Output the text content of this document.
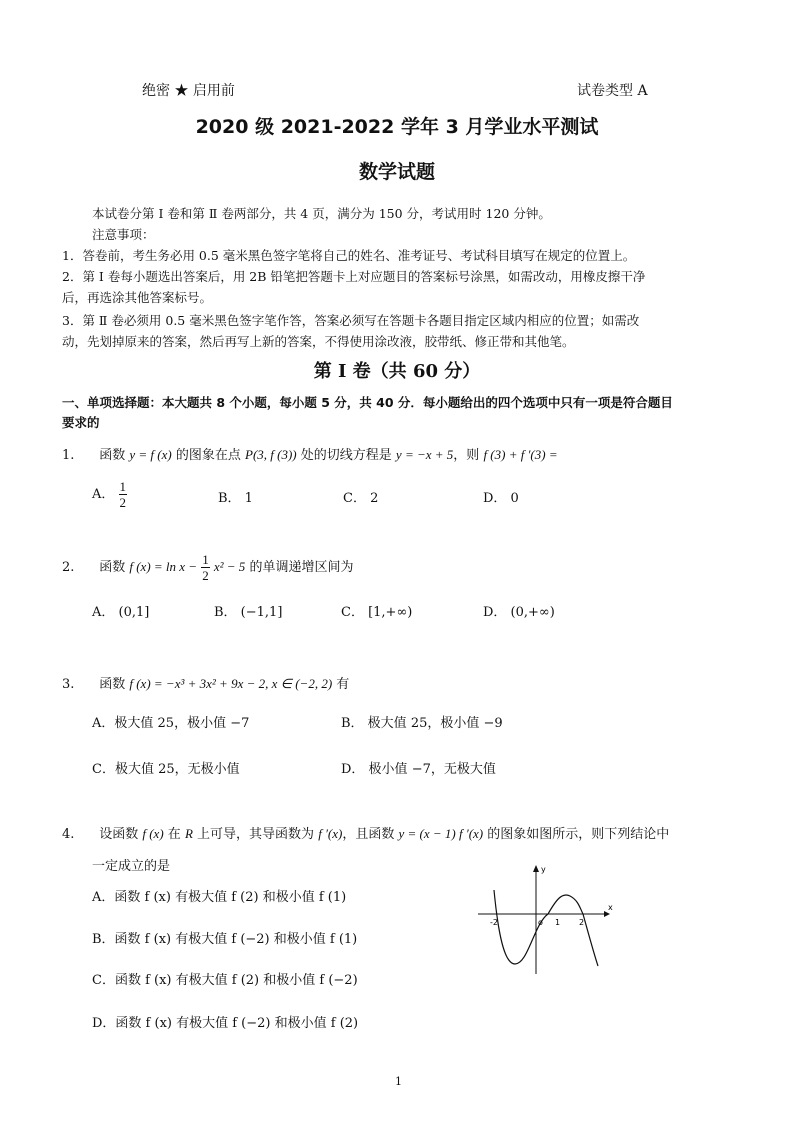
绝密 ★ 启用前	试卷类型 A
2020 级 2021-2022 学年 3 月学业水平测试
数学试题
本试卷分第 Ⅰ 卷和第 Ⅱ 卷两部分，共 4 页，满分为 150 分，考试用时 120 分钟。
注意事项：
1．答卷前，考生务必用 0.5 毫米黑色签字笔将自己的姓名、准考证号、考试科目填写在规定的位置上。
2．第 Ⅰ 卷每小题选出答案后，用 2B 铅笔把答题卡上对应题目的答案标号涂黑，如需改动，用橡皮擦干净
后，再选涂其他答案标号。
3．第 Ⅱ 卷必须用 0.5 毫米黑色签字笔作答，答案必须写在答题卡各题目指定区域内相应的位置；如需改
动，先划掉原来的答案，然后再写上新的答案，不得使用涂改液，胶带纸、修正带和其他笔。
第 Ⅰ 卷（共 60 分）
一、单项选择题：本大题共 8 个小题，每小题 5 分，共 40 分．每小题给出的四个选项中只有一项是符合题目
要求的
1. 函数 y = f (x) 的图象在点 P(3, f (3)) 处的切线方程是 y = −x + 5，则 f (3) + f ′(3) =
A． $\frac{1}{2}$	B． 1	C． 2	D． 0
2. 函数 f $(x) = \ln x - \frac{1}{2} x^2 - 5$ 的单调递增区间为
A． (0,1]	B． (−1,1]	C． [1,+∞)	D． (0,+∞)
3. 函数 f (x) = −x³ + 3x² + 9x − 2, x ∈ (−2, 2) 有
A．极大值 25，极小值 −7	B． 极大值 25，极小值 −9
C．极大值 25，无极小值	D． 极小值 −7，无极大值
4. 设函数 f (x) 在 R 上可导，其导函数为 f ′(x)，且函数 y = (x − 1) f ′(x) 的图象如图所示，则下列结论中
一定成立的是
A．函数 f (x) 有极大值 f (2) 和极小值 f (1)
B．函数 f (x) 有极大值 f (−2) 和极小值 f (1)
C．函数 f (x) 有极大值 f (2) 和极小值 f (−2)
D．函数 f (x) 有极大值 f (−2) 和极小值 f (2)
x
y
-2	o 1 2
1
